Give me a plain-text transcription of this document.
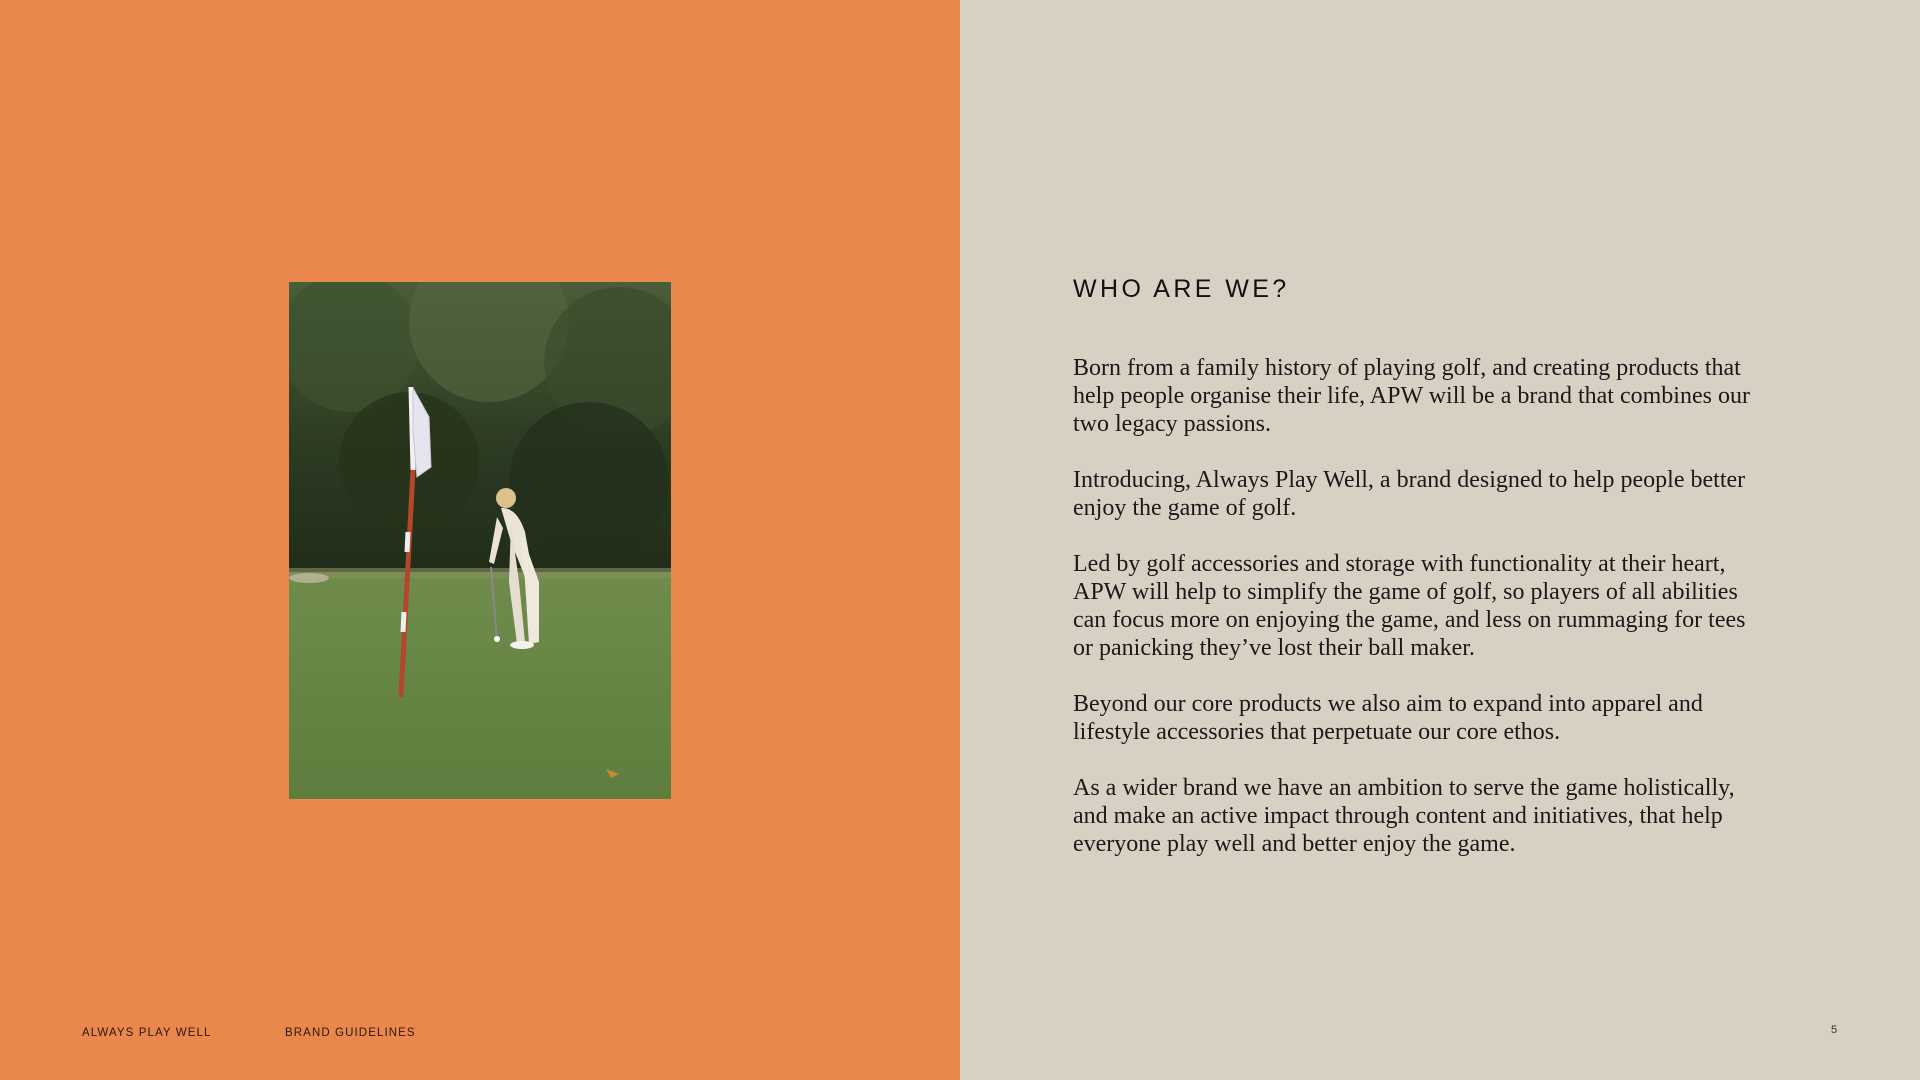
ALWAYS PLAY WELL	BRAND GUIDELINES
WHO ARE WE?

Born from a family history of playing golf, and creating products that help people organise their life, APW will be a brand that combines our two legacy passions.

Introducing, Always Play Well, a brand designed to help people better enjoy the game of golf.

Led by golf accessories and storage with functionality at their heart, APW will help to simplify the game of golf, so players of all abilities can focus more on enjoying the game, and less on rummaging for tees or panicking they’ve lost their ball maker.

Beyond our core products we also aim to expand into apparel and lifestyle accessories that perpetuate our core ethos.

As a wider brand we have an ambition to serve the game holistically, and make an active impact through content and initiatives, that help everyone play well and better enjoy the game.

5
